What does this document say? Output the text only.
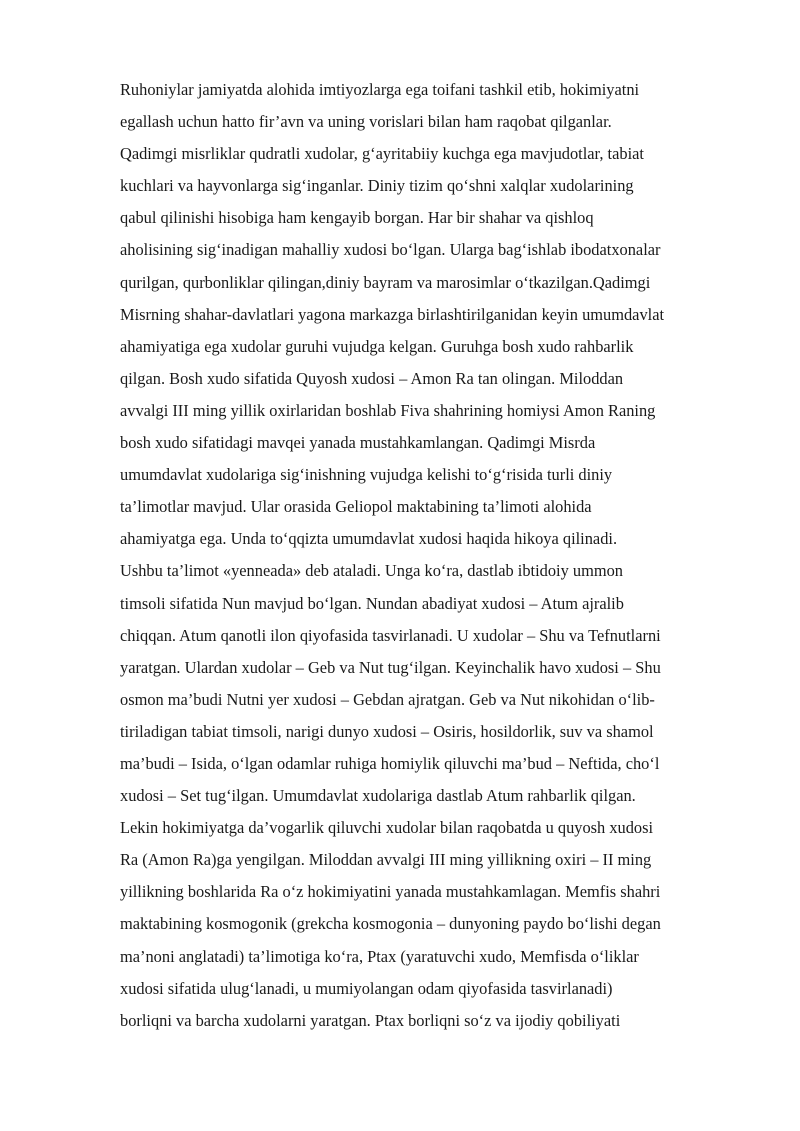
Ruhoniylar jamiyatda alohida imtiyozlarga ega toifani tashkil etib, hokimiyatni
egallash uchun hatto fir’avn va uning vorislari bilan ham raqobat qilganlar.
Qadimgi misrliklar qudratli xudolar, g‘ayritabiiy kuchga ega mavjudotlar, tabiat
kuchlari va hayvonlarga sig‘inganlar. Diniy tizim qo‘shni xalqlar xudolarining
qabul qilinishi hisobiga ham kengayib borgan. Har bir shahar va qishloq
aholisining sig‘inadigan mahalliy xudosi bo‘lgan. Ularga bag‘ishlab ibodatxonalar
qurilgan, qurbonliklar qilingan,diniy bayram va marosimlar o‘tkazilgan.Qadimgi
Misrning shahar-davlatlari yagona markazga birlashtirilganidan keyin umumdavlat
ahamiyatiga ega xudolar guruhi vujudga kelgan. Guruhga bosh xudo rahbarlik
qilgan. Bosh xudo sifatida Quyosh xudosi – Amon Ra tan olingan. Miloddan
avvalgi III ming yillik oxirlaridan boshlab Fiva shahrining homiysi Amon Raning
bosh xudo sifatidagi mavqei yanada mustahkamlangan. Qadimgi Misrda
umumdavlat xudolariga sig‘inishning vujudga kelishi to‘g‘risida turli diniy
ta’limotlar mavjud. Ular orasida Geliopol maktabining ta’limoti alohida
ahamiyatga ega. Unda to‘qqizta umumdavlat xudosi haqida hikoya qilinadi.
Ushbu ta’limot «yenneada» deb ataladi. Unga ko‘ra, dastlab ibtidoiy ummon
timsoli sifatida Nun mavjud bo‘lgan. Nundan abadiyat xudosi – Atum ajralib
chiqqan. Atum qanotli ilon qiyofasida tasvirlanadi. U xudolar – Shu va Tefnutlarni
yaratgan. Ulardan xudolar – Geb va Nut tug‘ilgan. Keyinchalik havo xudosi – Shu
osmon ma’budi Nutni yer xudosi – Gebdan ajratgan. Geb va Nut nikohidan o‘lib-
tiriladigan tabiat timsoli, narigi dunyo xudosi – Osiris, hosildorlik, suv va shamol
ma’budi – Isida, o‘lgan odamlar ruhiga homiylik qiluvchi ma’bud – Neftida, cho‘l
xudosi – Set tug‘ilgan. Umumdavlat xudolariga dastlab Atum rahbarlik qilgan.
Lekin hokimiyatga da’vogarlik qiluvchi xudolar bilan raqobatda u quyosh xudosi
Ra (Amon Ra)ga yengilgan. Miloddan avvalgi III ming yillikning oxiri – II ming
yillikning boshlarida Ra o‘z hokimiyatini yanada mustahkamlagan. Memfis shahri
maktabining kosmogonik (grekcha kosmogonia – dunyoning paydo bo‘lishi degan
ma’noni anglatadi) ta’limotiga ko‘ra, Ptax (yaratuvchi xudo, Memfisda o‘liklar
xudosi sifatida ulug‘lanadi, u mumiyolangan odam qiyofasida tasvirlanadi)
borliqni va barcha xudolarni yaratgan. Ptax borliqni so‘z va ijodiy qobiliyati
